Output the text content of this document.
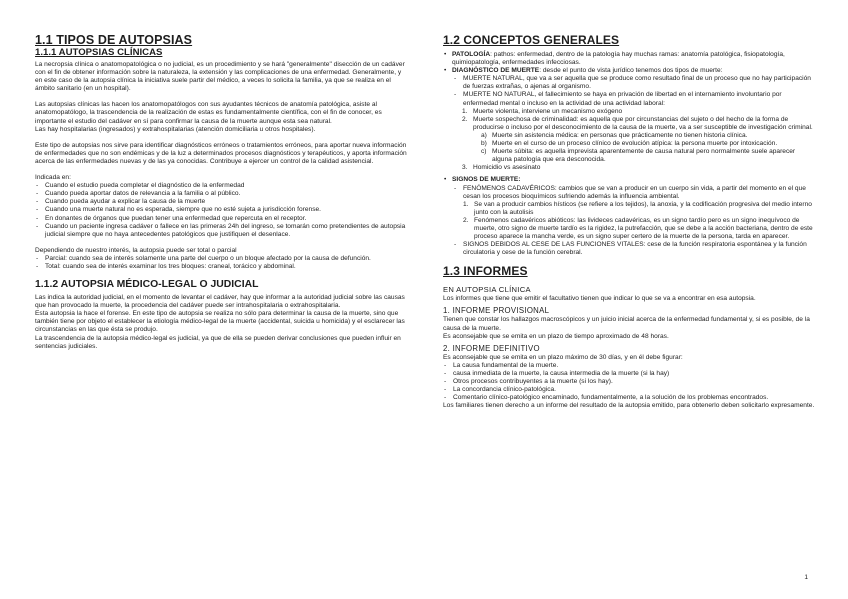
1.1 TIPOS DE AUTOPSIAS
1.1.1 AUTOPSIAS CLÍNICAS

La necropsia clínica o anatomopatológica o no judicial, es un procedimiento y se hará "generalmente" disección de un cadáver con el fin de obtener información sobre la naturaleza, la extensión y las complicaciones de una enfermedad. Generalmente, y en este caso de la autopsia clínica la iniciativa suele partir del médico, a veces lo solicita la familia, ya que se realiza en el ámbito sanitario (en un hospital).

Las autopsias clínicas las hacen los anatomopatólogos con sus ayudantes técnicos de anatomía patológica, asiste al anatomopatólogo, la trascendencia de la realización de estas es fundamentalmente científica, con el fin de conocer, es importante el estudio del cadáver en sí para confirmar la causa de la muerte aunque esta sea natural.

Las hay hospitalarias (ingresados) y extrahospitalarias (atención domiciliaria u otros hospitales).

Este tipo de autopsias nos sirve para identificar diagnósticos erróneos o tratamientos erróneos, para aportar nueva información de enfermedades que no son endémicas y de la luz a determinados procesos diagnósticos y terapéuticos, y aporta información acerca de las enfermedades nuevas y de las ya conocidas. Contribuye a ejercer un control de la calidad asistencial.

Indicada en:

- Cuando el estudio pueda completar el diagnóstico de la enfermedad
- Cuando pueda aportar datos de relevancia a la familia o al público.
- Cuando pueda ayudar a explicar la causa de la muerte
- Cuando una muerte natural no es esperada, siempre que no esté sujeta a jurisdicción forense.
- En donantes de órganos que puedan tener una enfermedad que repercuta en el receptor.
- Cuando un paciente ingresa cadáver o fallece en las primeras 24h del ingreso, se tomarán como pretendientes de autopsia judicial siempre que no haya antecedentes patológicos que justifiquen el desenlace.

Dependiendo de nuestro interés, la autopsia puede ser total o parcial

- Parcial: cuando sea de interés solamente una parte del cuerpo o un bloque afectado por la causa de defunción.
- Total: cuando sea de interés examinar los tres bloques: craneal, torácico y abdominal.
1.1.2 AUTOPSIA MÉDICO-LEGAL O JUDICIAL

Las indica la autoridad judicial, en el momento de levantar el cadáver, hay que informar a la autoridad judicial sobre las causas que han provocado la muerte, la procedencia del cadáver puede ser intrahospitalaria o extrahospitalaria.

Esta autopsia la hace el forense. En este tipo de autopsia se realiza no sólo para determinar la causa de la muerte, sino que también tiene por objeto el establecer la etiología médico-legal de la muerte (accidental, suicida u homicida) y el esclarecer las circunstancias en las que ésta se produjo.

La trascendencia de la autopsia médico-legal es judicial, ya que de ella se pueden derivar conclusiones que pueden influir en sentencias judiciales.

1.2 CONCEPTOS GENERALES
• PATOLOGÍA: pathos: enfermedad, dentro de la patología hay muchas ramas: anatomía patológica, fisiopatología, quimiopatología, enfermedades infecciosas.
• DIAGNÓSTICO DE MUERTE: desde el punto de vista jurídico tenemos dos tipos de muerte:
- MUERTE NATURAL, que va a ser aquella que se produce como resultado final de un proceso que no hay participación de fuerzas extrañas, o ajenas al organismo.
- MUERTE NO NATURAL, el fallecimiento se haya en privación de libertad en el internamiento involuntario por enfermedad mental o incluso en la actividad de una actividad laboral:
1. Muerte violenta, interviene un mecanismo exógeno
2. Muerte sospechosa de criminalidad: es aquella que por circunstancias del sujeto o del hecho de la forma de producirse o incluso por el desconocimiento de la causa de la muerte, va a ser susceptible de investigación criminal.
a) Muerte sin asistencia médica: en personas que prácticamente no tienen historia clínica.
b) Muerte en el curso de un proceso clínico de evolución atípica: la persona muerte por intoxicación.
c) Muerte súbita: es aquella imprevista aparentemente de causa natural pero normalmente suele aparecer alguna patología que era desconocida.
3. Homicidio vs asesinato
• SIGNOS DE MUERTE:
- FENÓMENOS CADAVÉRICOS: cambios que se van a producir en un cuerpo sin vida, a partir del momento en el que cesan los procesos bioquímicos sufriendo además la influencia ambiental.
1. Se van a producir cambios hísticos (se refiere a los tejidos), la anoxia, y la codificación progresiva del medio interno junto con la autolisis
2. Fenómenos cadavéricos abióticos: las livideces cadavéricas, es un signo tardío pero es un signo inequívoco de muerte, otro signo de muerte tardío es la rigidez, la putrefacción, que se debe a la acción bacteriana, dentro de este proceso aparece la mancha verde, es un signo super certero de la muerte de la persona, tarda en aparecer.
- SIGNOS DEBIDOS AL CESE DE LAS FUNCIONES VITALES: cese de la función respiratoria espontánea y la función circulatoria y cese de la función cerebral.
1.3 INFORMES
EN AUTOPSIA CLÍNICA

Los informes que tiene que emitir el facultativo tienen que indicar lo que se va a encontrar en esa autopsia.

1. INFORME PROVISIONAL

Tienen que constar los hallazgos macroscópicos y un juicio inicial acerca de la enfermedad fundamental y, si es posible, de la causa de la muerte.

Es aconsejable que se emita en un plazo de tiempo aproximado de 48 horas.

2. INFORME DEFINITIVO

Es aconsejable que se emita en un plazo máximo de 30 días, y en él debe figurar:

- La causa fundamental de la muerte.
- causa inmediata de la muerte, la causa intermedia de la muerte (si la hay)
- Otros procesos contribuyentes a la muerte (si los hay).
- La concordancia clínico-patológica.
- Comentario clínico-patológico encaminado, fundamentalmente, a la solución de los problemas encontrados.

Los familiares tienen derecho a un informe del resultado de la autopsia emitido, para obtenerlo deben solicitarlo expresamente.

1
